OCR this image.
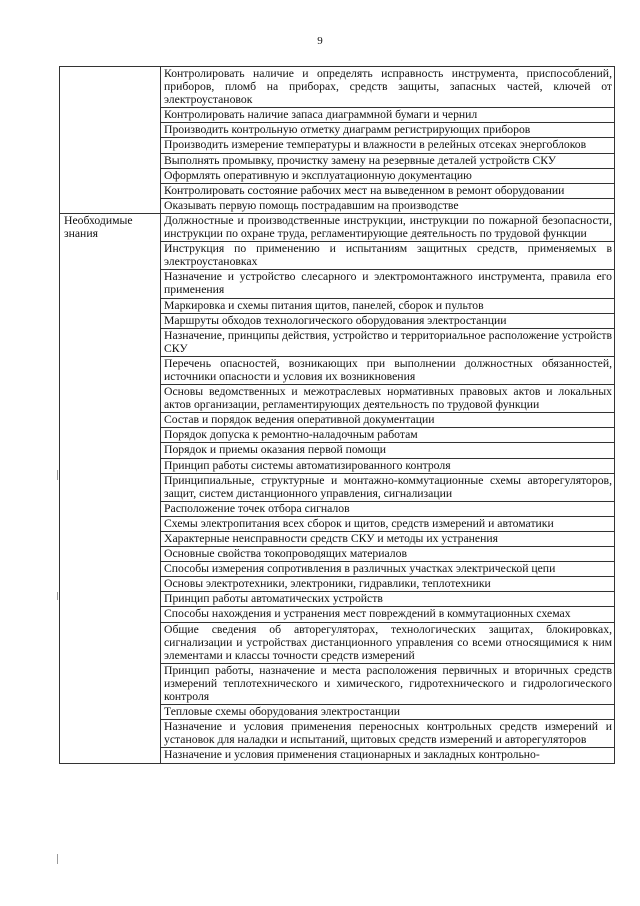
9
	Контролировать наличие и определять исправность инструмента, приспособлений, приборов, пломб на приборах, средств защиты, запасных частей, ключей от электроустановок
	Контролировать наличие запаса диаграммной бумаги и чернил
	Производить контрольную отметку диаграмм регистрирующих приборов
	Производить измерение температуры и влажности в релейных отсеках энергоблоков
	Выполнять промывку, прочистку замену на резервные деталей устройств СКУ
	Оформлять оперативную и эксплуатационную документацию
	Контролировать состояние рабочих мест на выведенном в ремонт оборудовании
	Оказывать первую помощь пострадавшим на производстве
Необходимые знания	Должностные и производственные инструкции, инструкции по пожарной безопасности, инструкции по охране труда, регламентирующие деятельность по трудовой функции
	Инструкция по применению и испытаниям защитных средств, применяемых в электроустановках
	Назначение и устройство слесарного и электромонтажного инструмента, правила его применения
	Маркировка и схемы питания щитов, панелей, сборок и пультов
	Маршруты обходов технологического оборудования электростанции
	Назначение, принципы действия, устройство и территориальное расположение устройств СКУ
	Перечень опасностей, возникающих при выполнении должностных обязанностей, источники опасности и условия их возникновения
	Основы ведомственных и межотраслевых нормативных правовых актов и локальных актов организации, регламентирующих деятельность по трудовой функции
	Состав и порядок ведения оперативной документации
	Порядок допуска к ремонтно-наладочным работам
	Порядок и приемы оказания первой помощи
	Принцип работы системы автоматизированного контроля
	Принципиальные, структурные и монтажно-коммутационные схемы авторегуляторов, защит, систем дистанционного управления, сигнализации
	Расположение точек отбора сигналов
	Схемы электропитания всех сборок и щитов, средств измерений и автоматики
	Характерные неисправности средств СКУ и методы их устранения
	Основные свойства токопроводящих материалов
	Способы измерения сопротивления в различных участках электрической цепи
	Основы электротехники, электроники, гидравлики, теплотехники
	Принцип работы автоматических устройств
	Способы нахождения и устранения мест повреждений в коммутационных схемах
	Общие сведения об авторегуляторах, технологических защитах, блокировках, сигнализации и устройствах дистанционного управления со всеми относящимися к ним элементами и классы точности средств измерений
	Принцип работы, назначение и места расположения первичных и вторичных средств измерений теплотехнического и химического, гидротехнического и гидрологического контроля
	Тепловые схемы оборудования электростанции
	Назначение и условия применения переносных контрольных средств измерений и установок для наладки и испытаний, щитовых средств измерений и авторегуляторов
	Назначение и условия применения стационарных и закладных контрольно-
